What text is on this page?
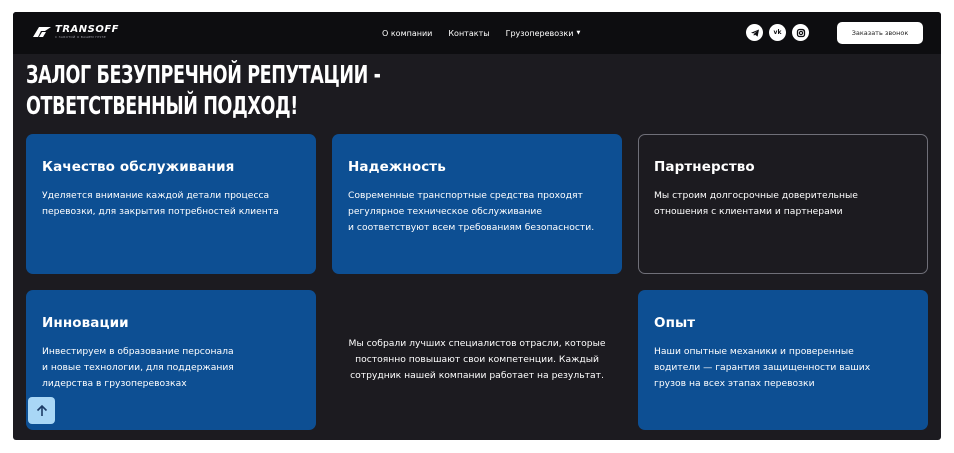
TRANSOFF
С ЗАБОТОЙ О ВАШЕМ ГРУЗЕ	О компании Контакты Грузоперевозки ▼	vk	Заказать звонок
ЗАЛОГ БЕЗУПРЕЧНОЙ РЕПУТАЦИИ -
ОТВЕТСТВЕННЫЙ ПОДХОД!
Качество обслуживания

Уделяется внимание каждой детали процесса
перевозки, для закрытия потребностей клиента

Надежность

Современные транспортные средства проходят
регулярное техническое обслуживание
и соответствуют всем требованиям безопасности.

Партнерство

Мы строим долгосрочные доверительные
отношения с клиентами и партнерами

Инновации

Инвестируем в образование персонала
и новые технологии, для поддержания
лидерства в грузоперевозках

Мы собрали лучших специалистов отрасли, которые
постоянно повышают свои компетенции. Каждый
сотрудник нашей компании работает на результат.
Опыт

Наши опытные механики и проверенные
водители — гарантия защищенности ваших
грузов на всех этапах перевозки
